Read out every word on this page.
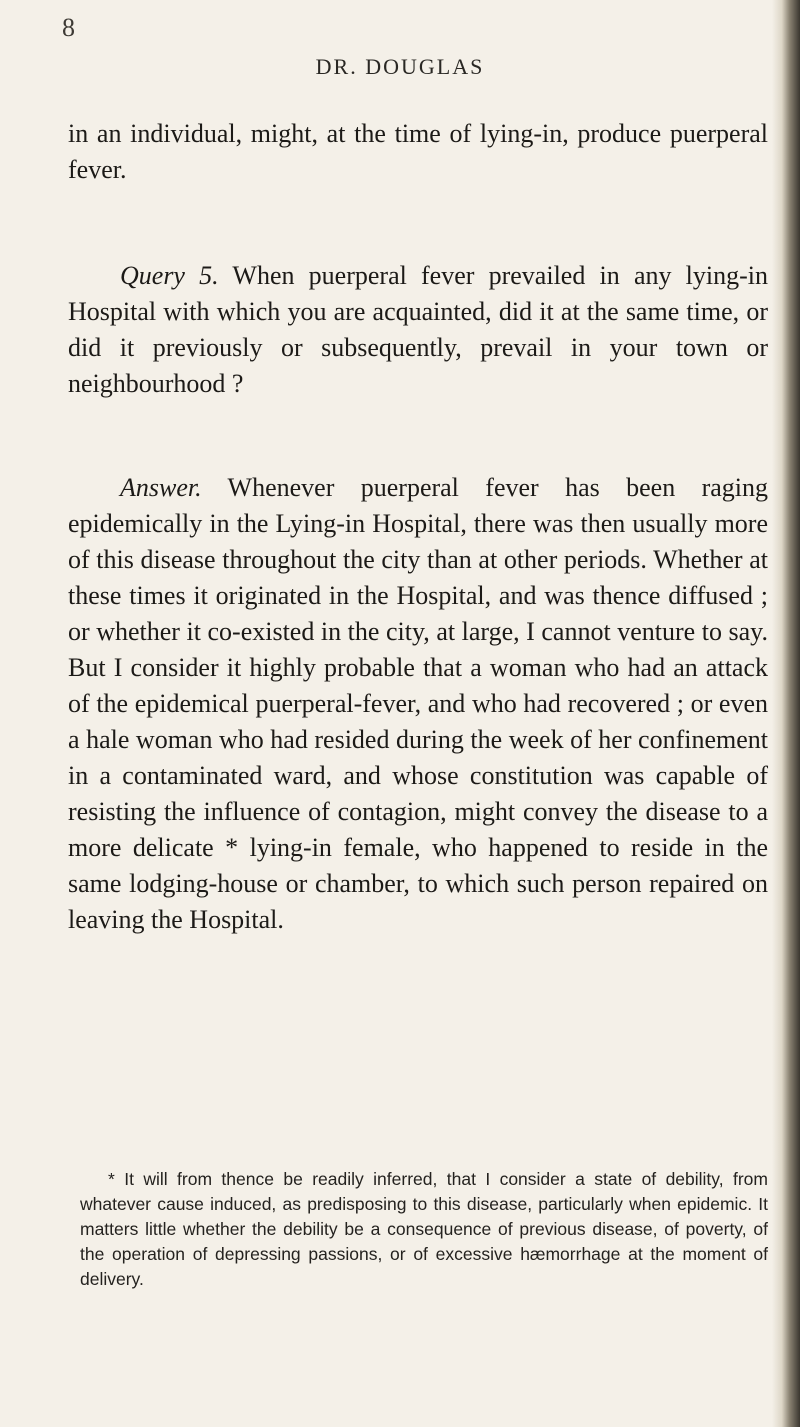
8
DR. DOUGLAS

in an individual, might, at the time of lying-in, produce puerperal fever.

Query 5. When puerperal fever prevailed in any lying-in Hospital with which you are acquainted, did it at the same time, or did it previously or subsequently, prevail in your town or neighbourhood ?

Answer. Whenever puerperal fever has been raging epidemically in the Lying-in Hospital, there was then usually more of this disease throughout the city than at other periods. Whether at these times it originated in the Hospital, and was thence diffused ; or whether it co-existed in the city, at large, I cannot venture to say. But I consider it highly probable that a woman who had an attack of the epidemical puerperal-fever, and who had recovered ; or even a hale woman who had resided during the week of her confinement in a contaminated ward, and whose constitution was capable of resisting the influence of contagion, might convey the disease to a more delicate * lying-in female, who happened to reside in the same lodging-house or chamber, to which such person repaired on leaving the Hospital.

* It will from thence be readily inferred, that I consider a state of debility, from whatever cause induced, as predisposing to this disease, particularly when epidemic. It matters little whether the debility be a consequence of previous disease, of poverty, of the operation of depressing passions, or of excessive hæmorrhage at the moment of delivery.
